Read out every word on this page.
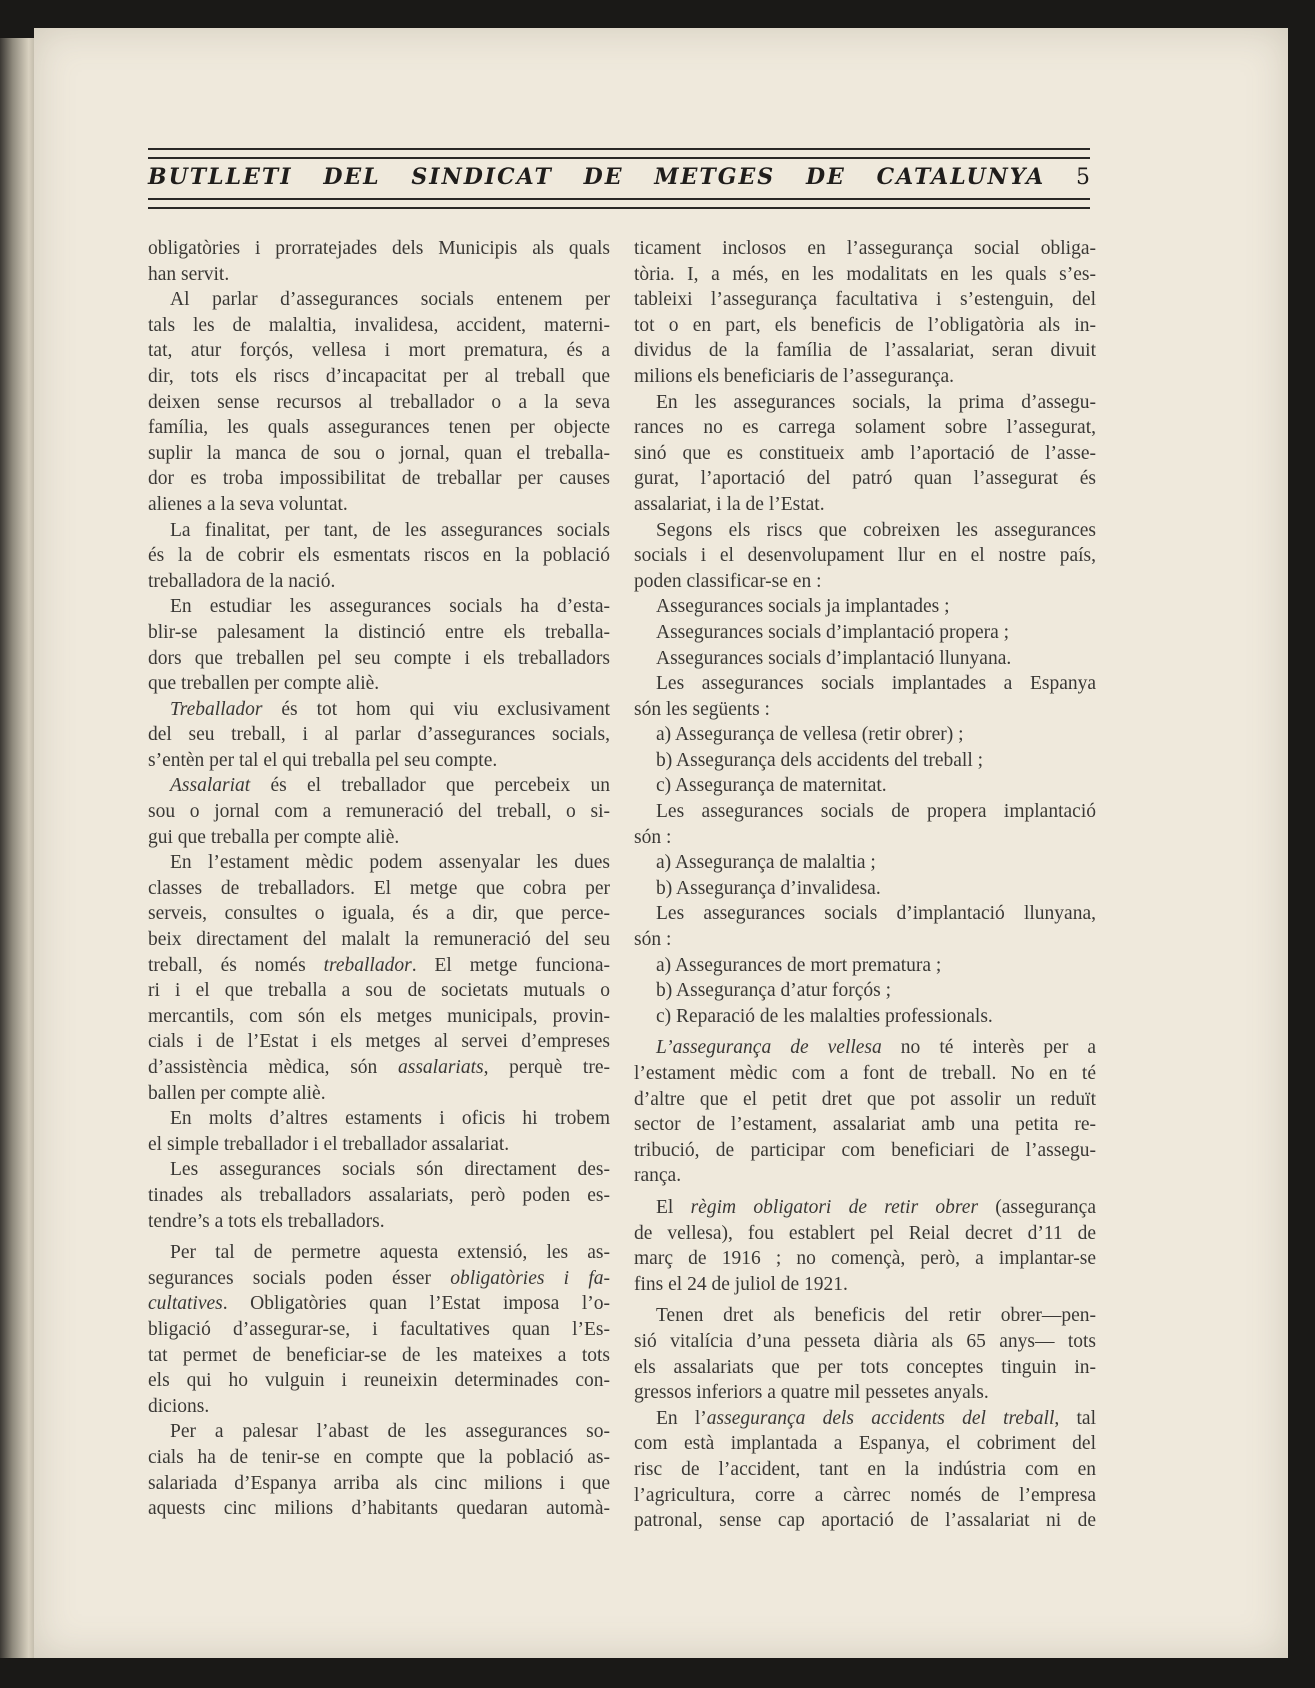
BUTLLETI DEL SINDICAT DE METGES DE CATALUNYA 5
obligatòries i prorratejades dels Municipis als quals
han servit.
Al parlar d’assegurances socials entenem per
tals les de malaltia, invalidesa, accident, materni-
tat, atur forçós, vellesa i mort prematura, és a
dir, tots els riscs d’incapacitat per al treball que
deixen sense recursos al treballador o a la seva
família, les quals assegurances tenen per objecte
suplir la manca de sou o jornal, quan el treballa-
dor es troba impossibilitat de treballar per causes
alienes a la seva voluntat.
La finalitat, per tant, de les assegurances socials
és la de cobrir els esmentats riscos en la població
treballadora de la nació.
En estudiar les assegurances socials ha d’esta-
blir-se palesament la distinció entre els treballa-
dors que treballen pel seu compte i els treballadors
que treballen per compte aliè.
Treballador és tot hom qui viu exclusivament
del seu treball, i al parlar d’assegurances socials,
s’entèn per tal el qui treballa pel seu compte.
Assalariat és el treballador que percebeix un
sou o jornal com a remuneració del treball, o si-
gui que treballa per compte aliè.
En l’estament mèdic podem assenyalar les dues
classes de treballadors. El metge que cobra per
serveis, consultes o iguala, és a dir, que perce-
beix directament del malalt la remuneració del seu
treball, és només treballador. El metge funciona-
ri i el que treballa a sou de societats mutuals o
mercantils, com són els metges municipals, provin-
cials i de l’Estat i els metges al servei d’empreses
d’assistència mèdica, són assalariats, perquè tre-
ballen per compte aliè.
En molts d’altres estaments i oficis hi trobem
el simple treballador i el treballador assalariat.
Les assegurances socials són directament des-
tinades als treballadors assalariats, però poden es-
tendre’s a tots els treballadors.
Per tal de permetre aquesta extensió, les as-
segurances socials poden ésser obligatòries i fa-
cultatives. Obligatòries quan l’Estat imposa l’o-
bligació d’assegurar-se, i facultatives quan l’Es-
tat permet de beneficiar-se de les mateixes a tots
els qui ho vulguin i reuneixin determinades con-
dicions.
Per a palesar l’abast de les assegurances so-
cials ha de tenir-se en compte que la població as-
salariada d’Espanya arriba als cinc milions i que
aquests cinc milions d’habitants quedaran automà-
ticament inclosos en l’assegurança social obliga-
tòria. I, a més, en les modalitats en les quals s’es-
tableixi l’assegurança facultativa i s’estenguin, del
tot o en part, els beneficis de l’obligatòria als in-
dividus de la família de l’assalariat, seran divuit
milions els beneficiaris de l’assegurança.
En les assegurances socials, la prima d’assegu-
rances no es carrega solament sobre l’assegurat,
sinó que es constitueix amb l’aportació de l’asse-
gurat, l’aportació del patró quan l’assegurat és
assalariat, i la de l’Estat.
Segons els riscs que cobreixen les assegurances
socials i el desenvolupament llur en el nostre país,
poden classificar-se en :
Assegurances socials ja implantades ;
Assegurances socials d’implantació propera ;
Assegurances socials d’implantació llunyana.
Les assegurances socials implantades a Espanya
són les següents :
a) Assegurança de vellesa (retir obrer) ;
b) Assegurança dels accidents del treball ;
c) Assegurança de maternitat.
Les assegurances socials de propera implantació
són :
a) Assegurança de malaltia ;
b) Assegurança d’invalidesa.
Les assegurances socials d’implantació llunyana,
són :
a) Assegurances de mort prematura ;
b) Assegurança d’atur forçós ;
c) Reparació de les malalties professionals.
L’assegurança de vellesa no té interès per a
l’estament mèdic com a font de treball. No en té
d’altre que el petit dret que pot assolir un reduït
sector de l’estament, assalariat amb una petita re-
tribució, de participar com beneficiari de l’assegu-
rança.
El règim obligatori de retir obrer (assegurança
de vellesa), fou establert pel Reial decret d’11 de
març de 1916 ; no començà, però, a implantar-se
fins el 24 de juliol de 1921.
Tenen dret als beneficis del retir obrer—pen-
sió vitalícia d’una pesseta diària als 65 anys— tots
els assalariats que per tots conceptes tinguin in-
gressos inferiors a quatre mil pessetes anyals.
En l’assegurança dels accidents del treball, tal
com està implantada a Espanya, el cobriment del
risc de l’accident, tant en la indústria com en
l’agricultura, corre a càrrec només de l’empresa
patronal, sense cap aportació de l’assalariat ni de
